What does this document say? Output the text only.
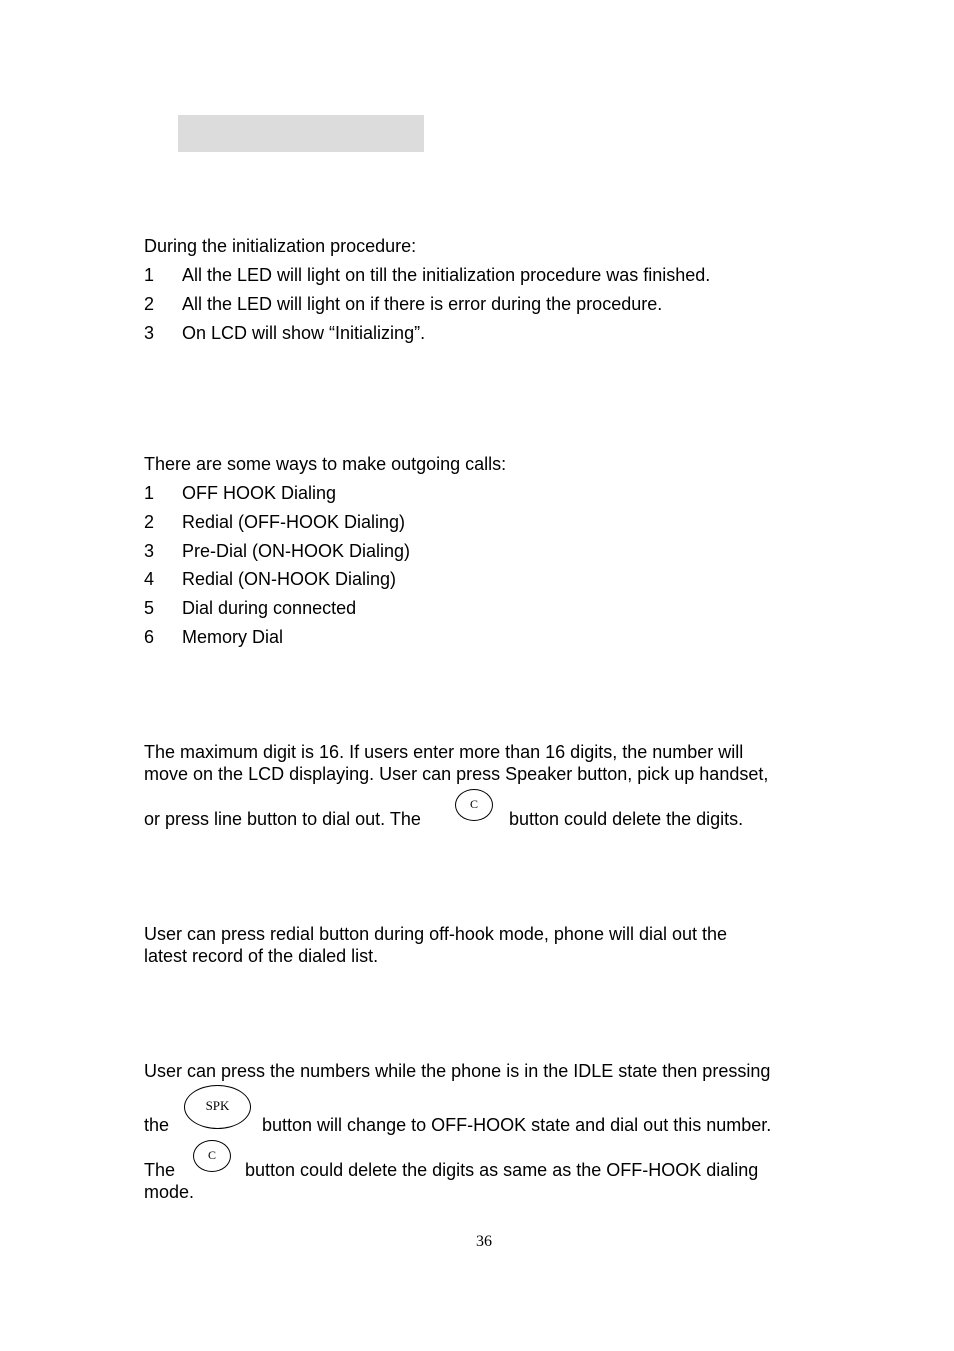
During the initialization procedure:
1 All the LED will light on till the initialization procedure was finished.
2 All the LED will light on if there is error during the procedure.
3 On LCD will show “Initializing”.
There are some ways to make outgoing calls:
1 OFF HOOK Dialing
2 Redial (OFF-HOOK Dialing)
3 Pre-Dial (ON-HOOK Dialing)
4 Redial (ON-HOOK Dialing)
5 Dial during connected
6 Memory Dial
The maximum digit is 16. If users enter more than 16 digits, the number will
move on the LCD displaying. User can press Speaker button, pick up handset,
or press line button to dial out. The
C
button could delete the digits.
User can press redial button during off-hook mode, phone will dial out the
latest record of the dialed list.
User can press the numbers while the phone is in the IDLE state then pressing
the
SPK
button will change to OFF-HOOK state and dial out this number.
The
C
button could delete the digits as same as the OFF-HOOK dialing
mode.
36
